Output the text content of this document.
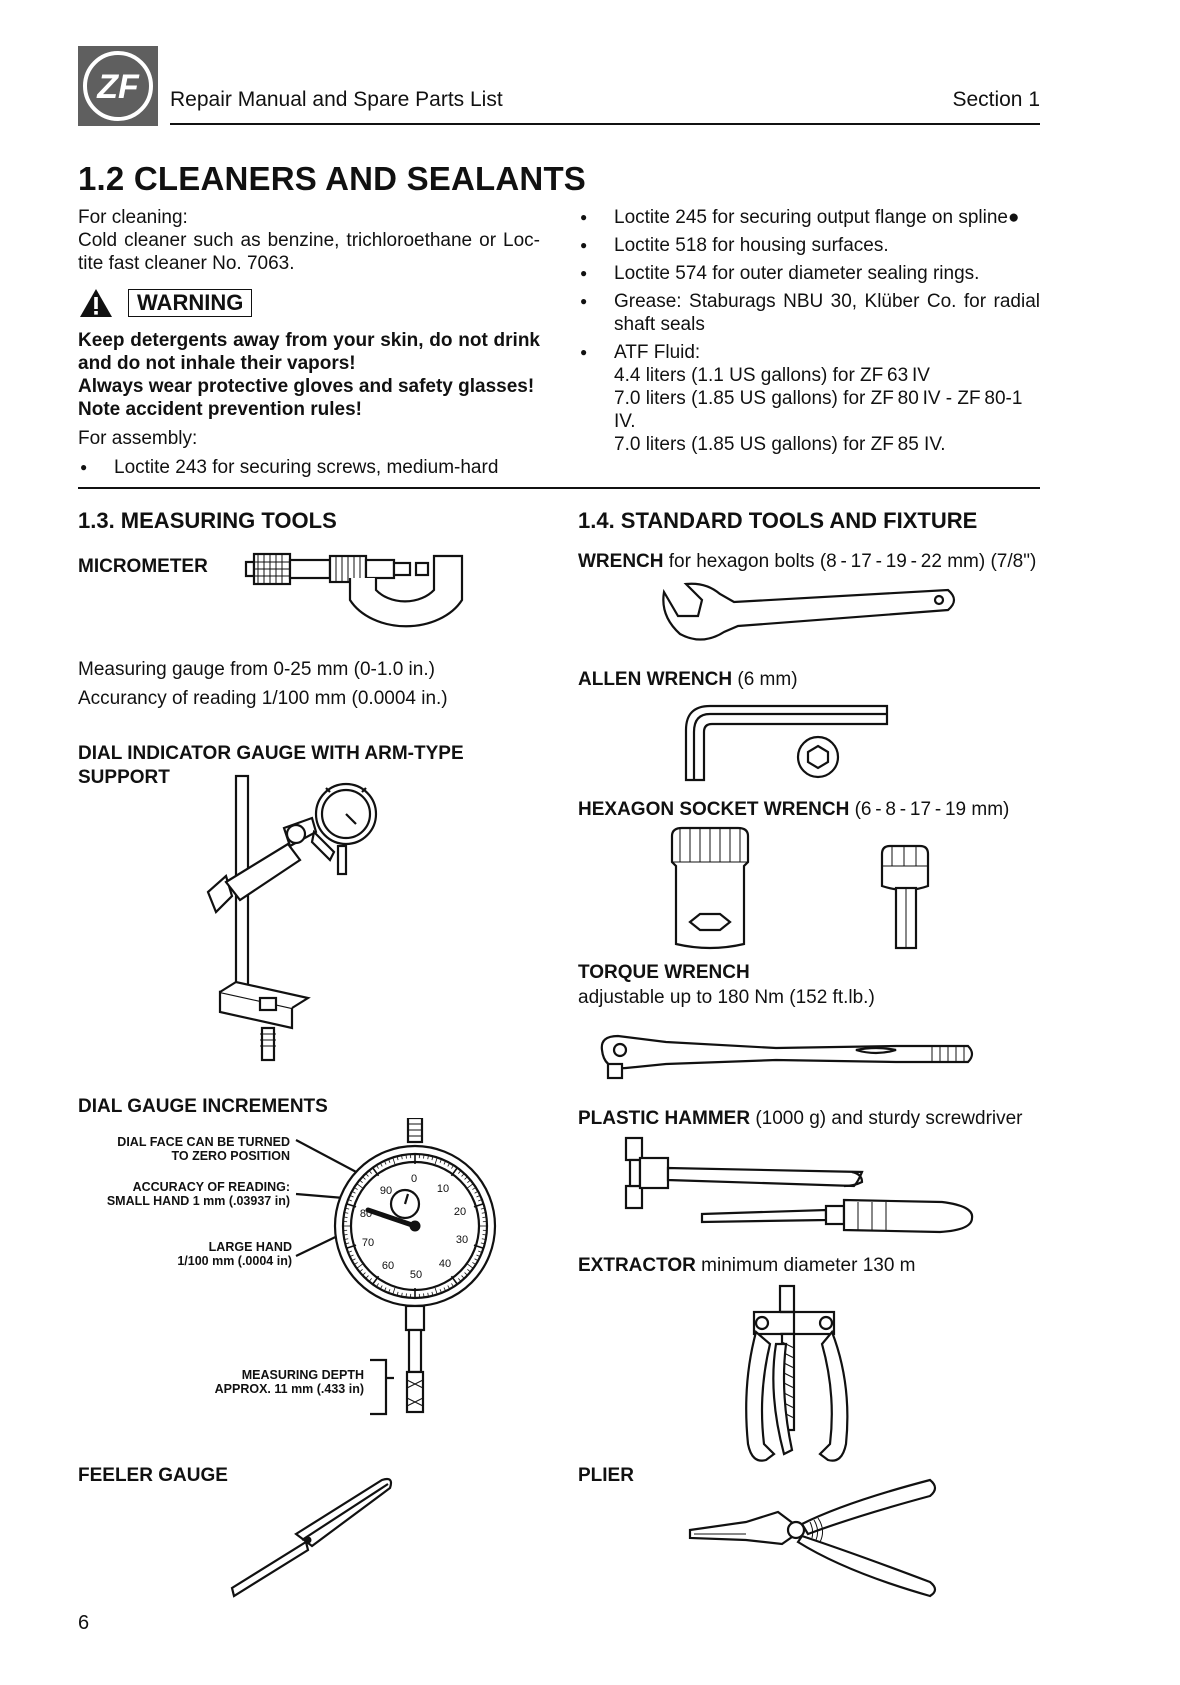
ZF Repair Manual and Spare Parts List	Section 1
1.2 CLEANERS AND SEALANTS
For cleaning:
Cold cleaner such as benzine, trichloroethane or Loc-
tite fast cleaner No. 7063.
WARNING
Keep detergents away from your skin, do not drink
and do not inhale their vapors!
Always wear protective gloves and safety glasses!
Note accident prevention rules!
For assembly:
●	Loctite 243 for securing screws, medium-hard
●	Loctite 245 for securing output flange on spline●
●	Loctite 518 for housing surfaces.
●	Loctite 574 for outer diameter sealing rings.
●	Grease: Staburags NBU 30, Klüber Co. for radial
shaft seals
●	ATF Fluid:
4.4 liters (1.1 US gallons) for ZF 63 IV
7.0 liters (1.85 US gallons) for ZF 80 IV - ZF 80-1 IV.
7.0 liters (1.85 US gallons) for ZF 85 IV.
1.3. MEASURING TOOLS
MICROMETER
Measuring gauge from 0-25 mm (0-1.0 in.)
Accurancy of reading 1/100 mm (0.0004 in.)
DIAL INDICATOR GAUGE WITH ARM-TYPE
SUPPORT
DIAL GAUGE INCREMENTS
DIAL FACE CAN BE TURNED
TO ZERO POSITION
ACCURACY OF READING:
SMALL HAND 1 mm (.03937 in)
LARGE HAND
1/100 mm (.0004 in)
MEASURING DEPTH
APPROX. 11 mm (.433 in)
0
10
20
30
40
50
60
70
80
90
FEELER GAUGE
1.4. STANDARD TOOLS AND FIXTURE
WRENCH for hexagon bolts (8 - 17 - 19 - 22 mm) (7/8")
ALLEN WRENCH (6 mm)
HEXAGON SOCKET WRENCH (6 - 8 - 17 - 19 mm)
TORQUE WRENCH
adjustable up to 180 Nm (152 ft.lb.)
PLASTIC HAMMER (1000 g) and sturdy screwdriver
EXTRACTOR minimum diameter 130 m
PLIER
6
